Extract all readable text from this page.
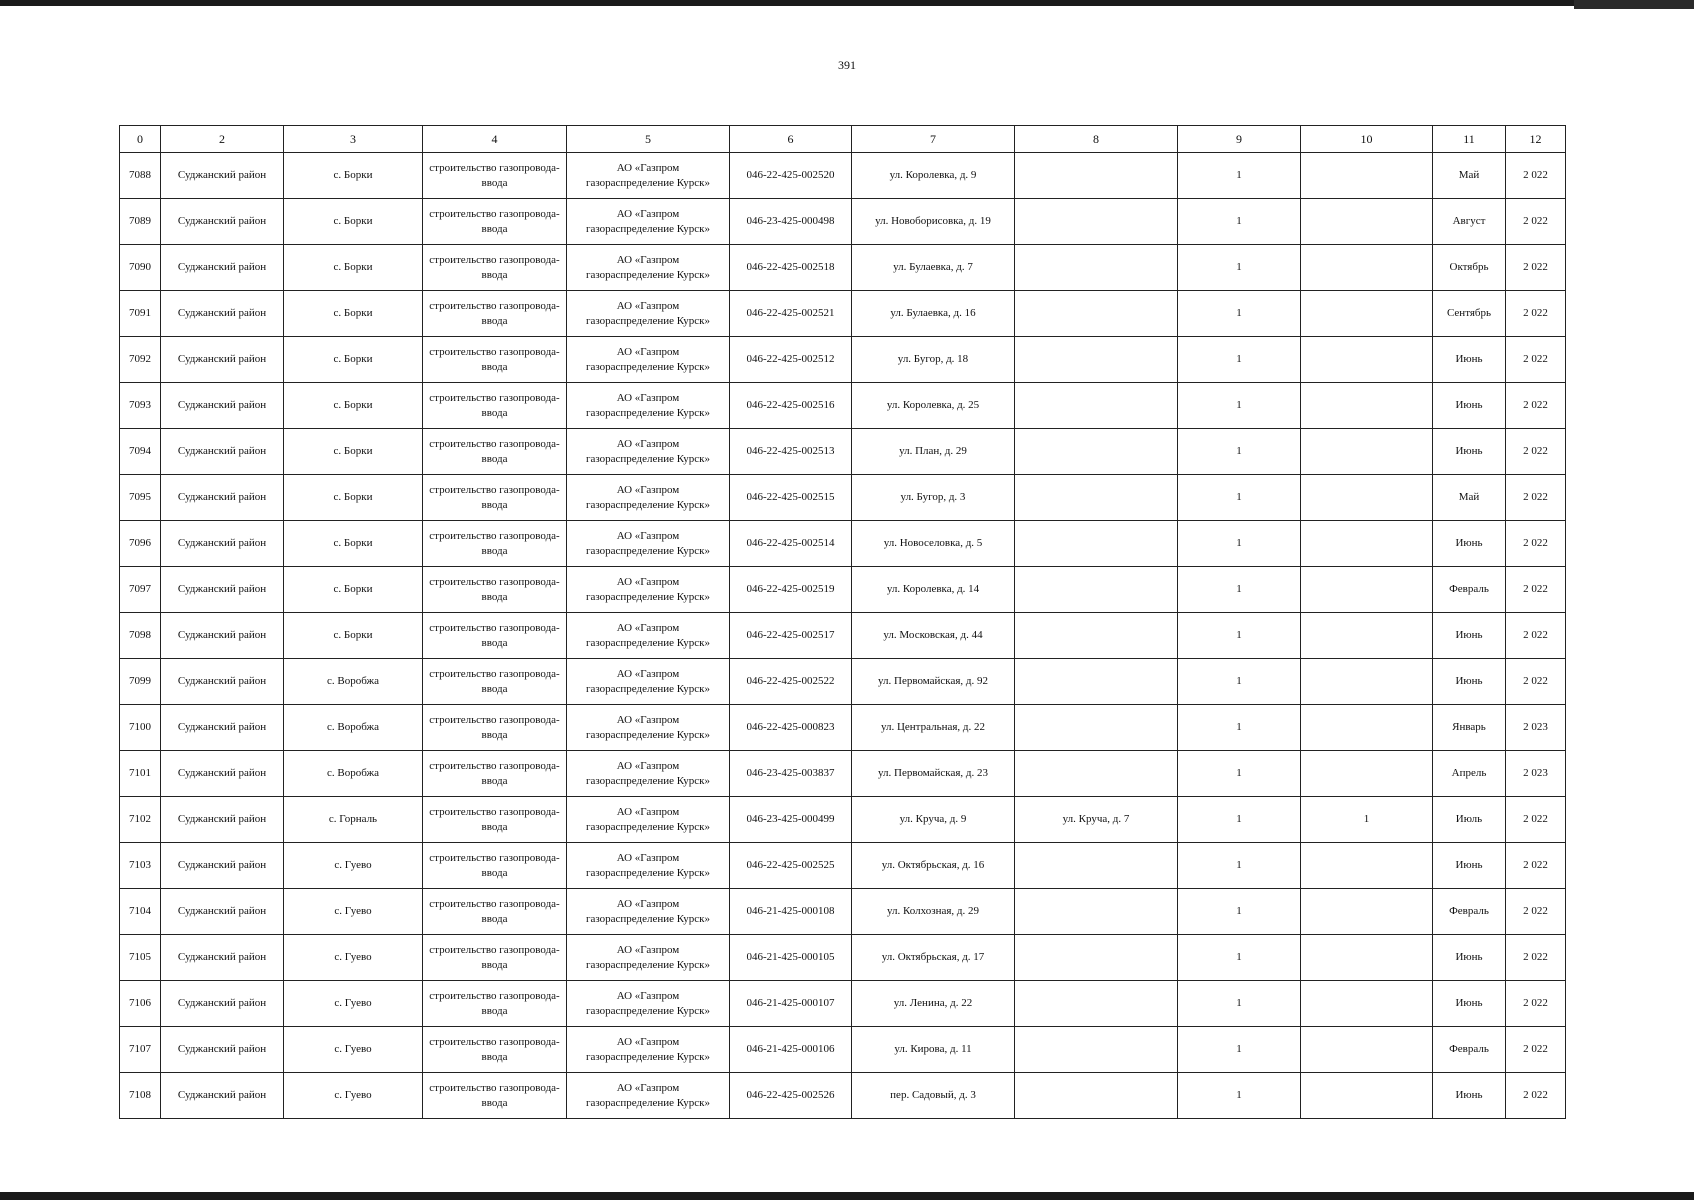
391
0	2	3	4	5	6	7	8	9	10	11	12
7088	Суджанский район	с. Борки	строительство газопровода-ввода	АО «Газпром
газораспределение Курск»	046-22-425-002520	ул. Королевка, д. 9		1		Май	2 022
7089	Суджанский район	с. Борки	строительство газопровода-ввода	АО «Газпром
газораспределение Курск»	046-23-425-000498	ул. Новоборисовка, д. 19		1		Август	2 022
7090	Суджанский район	с. Борки	строительство газопровода-ввода	АО «Газпром
газораспределение Курск»	046-22-425-002518	ул. Булаевка, д. 7		1		Октябрь	2 022
7091	Суджанский район	с. Борки	строительство газопровода-ввода	АО «Газпром
газораспределение Курск»	046-22-425-002521	ул. Булаевка, д. 16		1		Сентябрь	2 022
7092	Суджанский район	с. Борки	строительство газопровода-ввода	АО «Газпром
газораспределение Курск»	046-22-425-002512	ул. Бугор, д. 18		1		Июнь	2 022
7093	Суджанский район	с. Борки	строительство газопровода-ввода	АО «Газпром
газораспределение Курск»	046-22-425-002516	ул. Королевка, д. 25		1		Июнь	2 022
7094	Суджанский район	с. Борки	строительство газопровода-ввода	АО «Газпром
газораспределение Курск»	046-22-425-002513	ул. План, д. 29		1		Июнь	2 022
7095	Суджанский район	с. Борки	строительство газопровода-ввода	АО «Газпром
газораспределение Курск»	046-22-425-002515	ул. Бугор, д. 3		1		Май	2 022
7096	Суджанский район	с. Борки	строительство газопровода-ввода	АО «Газпром
газораспределение Курск»	046-22-425-002514	ул. Новоселовка, д. 5		1		Июнь	2 022
7097	Суджанский район	с. Борки	строительство газопровода-ввода	АО «Газпром
газораспределение Курск»	046-22-425-002519	ул. Королевка, д. 14		1		Февраль	2 022
7098	Суджанский район	с. Борки	строительство газопровода-ввода	АО «Газпром
газораспределение Курск»	046-22-425-002517	ул. Московская, д. 44		1		Июнь	2 022
7099	Суджанский район	с. Воробжа	строительство газопровода-ввода	АО «Газпром
газораспределение Курск»	046-22-425-002522	ул. Первомайская, д. 92		1		Июнь	2 022
7100	Суджанский район	с. Воробжа	строительство газопровода-ввода	АО «Газпром
газораспределение Курск»	046-22-425-000823	ул. Центральная, д. 22		1		Январь	2 023
7101	Суджанский район	с. Воробжа	строительство газопровода-ввода	АО «Газпром
газораспределение Курск»	046-23-425-003837	ул. Первомайская, д. 23		1		Апрель	2 023
7102	Суджанский район	с. Горналь	строительство газопровода-ввода	АО «Газпром
газораспределение Курск»	046-23-425-000499	ул. Круча, д. 9	ул. Круча, д. 7	1	1	Июль	2 022
7103	Суджанский район	с. Гуево	строительство газопровода-ввода	АО «Газпром
газораспределение Курск»	046-22-425-002525	ул. Октябрьская, д. 16		1		Июнь	2 022
7104	Суджанский район	с. Гуево	строительство газопровода-ввода	АО «Газпром
газораспределение Курск»	046-21-425-000108	ул. Колхозная, д. 29		1		Февраль	2 022
7105	Суджанский район	с. Гуево	строительство газопровода-ввода	АО «Газпром
газораспределение Курск»	046-21-425-000105	ул. Октябрьская, д. 17		1		Июнь	2 022
7106	Суджанский район	с. Гуево	строительство газопровода-ввода	АО «Газпром
газораспределение Курск»	046-21-425-000107	ул. Ленина, д. 22		1		Июнь	2 022
7107	Суджанский район	с. Гуево	строительство газопровода-ввода	АО «Газпром
газораспределение Курск»	046-21-425-000106	ул. Кирова, д. 11		1		Февраль	2 022
7108	Суджанский район	с. Гуево	строительство газопровода-ввода	АО «Газпром
газораспределение Курск»	046-22-425-002526	пер. Садовый, д. 3		1		Июнь	2 022
